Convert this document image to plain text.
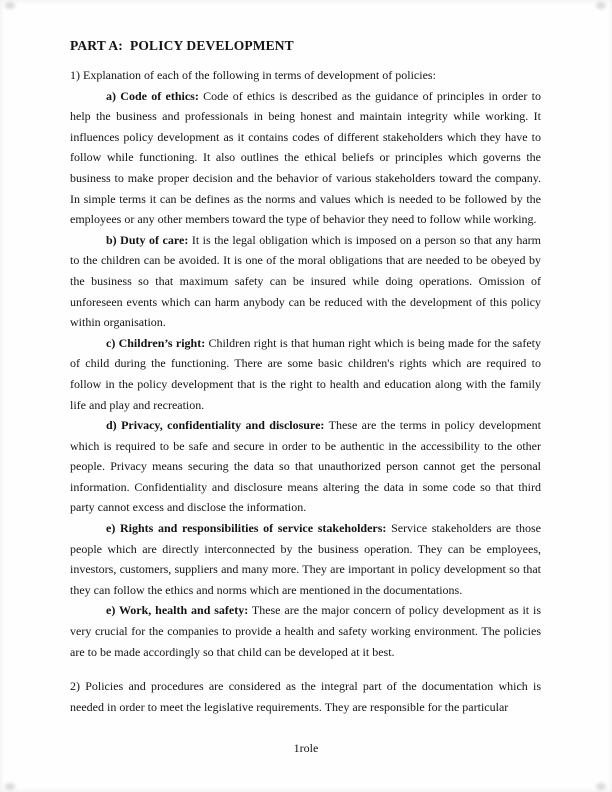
PART A:  POLICY DEVELOPMENT

1) Explanation of each of the following in terms of development of policies:

a) Code of ethics: Code of ethics is described as the guidance of principles in order to help the business and professionals in being honest and maintain integrity while working. It influences policy development as it contains codes of different stakeholders which they have to follow while functioning. It also outlines the ethical beliefs or principles which governs the business to make proper decision and the behavior of various stakeholders toward the company. In simple terms it can be defines as the norms and values which is needed to be followed by the employees or any other members toward the type of behavior they need to follow while working.

b) Duty of care: It is the legal obligation which is imposed on a person so that any harm to the children can be avoided. It is one of the moral obligations that are needed to be obeyed by the business so that maximum safety can be insured while doing operations. Omission of unforeseen events which can harm anybody can be reduced with the development of this policy within organisation.

c) Children’s right: Children right is that human right which is being made for the safety of child during the functioning. There are some basic children's rights which are required to follow in the policy development that is the right to health and education along with the family life and play and recreation.

d) Privacy, confidentiality and disclosure: These are the terms in policy development which is required to be safe and secure in order to be authentic in the accessibility to the other people. Privacy means securing the data so that unauthorized person cannot get the personal information. Confidentiality and disclosure means altering the data in some code so that third party cannot excess and disclose the information.

e) Rights and responsibilities of service stakeholders: Service stakeholders are those people which are directly interconnected by the business operation. They can be employees, investors, customers, suppliers and many more. They are important in policy development so that they can follow the ethics and norms which are mentioned in the documentations.

e) Work, health and safety: These are the major concern of policy development as it is very crucial for the companies to provide a health and safety working environment. The policies are to be made accordingly so that child can be developed at it best.

2) Policies and procedures are considered as the integral part of the documentation which is needed in order to meet the legislative requirements. They are responsible for the particular

1role
